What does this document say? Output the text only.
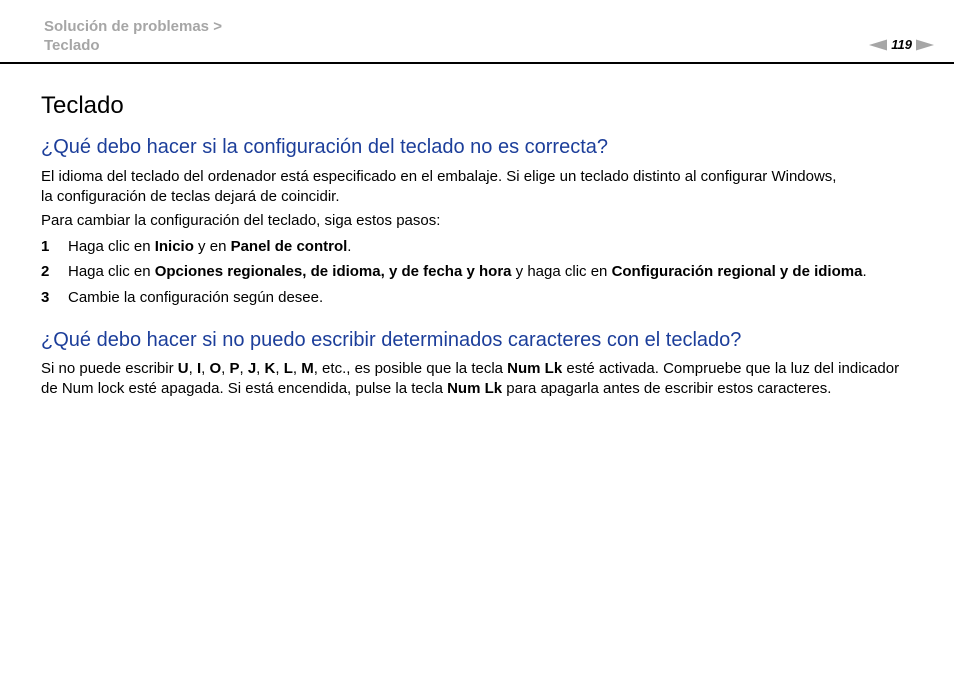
Solución de problemas >
Teclado	119
Teclado
¿Qué debo hacer si la configuración del teclado no es correcta?

El idioma del teclado del ordenador está especificado en el embalaje. Si elige un teclado distinto al configurar Windows,
la configuración de teclas dejará de coincidir.

Para cambiar la configuración del teclado, siga estos pasos:

1	Haga clic en Inicio y en Panel de control.
2	Haga clic en Opciones regionales, de idioma, y de fecha y hora y haga clic en Configuración regional y de idioma.
3	Cambie la configuración según desee.
¿Qué debo hacer si no puedo escribir determinados caracteres con el teclado?

Si no puede escribir U, I, O, P, J, K, L, M, etc., es posible que la tecla Num Lk esté activada. Compruebe que la luz del indicador de Num lock esté apagada. Si está encendida, pulse la tecla Num Lk para apagarla antes de escribir estos caracteres.
